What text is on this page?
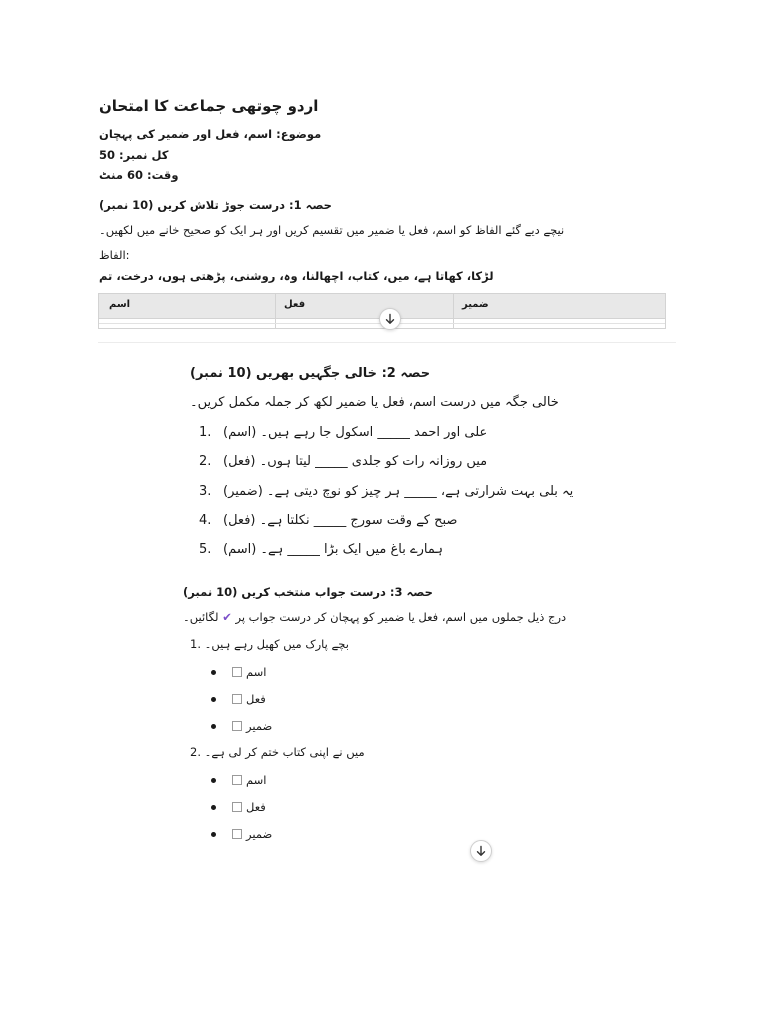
اردو چوتھی جماعت کا امتحان
موضوع: اسم، فعل اور ضمیر کی پہچان
کل نمبر: 50
وقت: 60 منٹ
حصہ 1: درست جوڑ تلاش کریں (10 نمبر)
نیچے دیے گئے الفاظ کو اسم، فعل یا ضمیر میں تقسیم کریں اور ہر ایک کو صحیح خانے میں لکھیں۔
الفاظ:
لڑکا، کھاتا ہے، میں، کتاب، اچھالنا، وہ، روشنی، پڑھتی ہوں، درخت، تم
اسم	فعل	ضمیر
حصہ 2: خالی جگہیں بھریں (10 نمبر)
خالی جگہ میں درست اسم، فعل یا ضمیر لکھ کر جملہ مکمل کریں۔
1. علی اور احمد _____ اسکول جا رہے ہیں۔ (اسم)
2. میں روزانہ رات کو جلدی _____ لیتا ہوں۔ (فعل)
3. یہ بلی بہت شرارتی ہے، _____ ہر چیز کو نوچ دیتی ہے۔ (ضمیر)
4. صبح کے وقت سورج _____ نکلتا ہے۔ (فعل)
5. ہمارے باغ میں ایک بڑا _____ ہے۔ (اسم)
حصہ 3: درست جواب منتخب کریں (10 نمبر)
درج ذیل جملوں میں اسم، فعل یا ضمیر کو پہچان کر درست جواب پر ✔ لگائیں۔
1. بچے پارک میں کھیل رہے ہیں۔
اسم
فعل
ضمیر
2. میں نے اپنی کتاب ختم کر لی ہے۔
اسم
فعل
ضمیر
